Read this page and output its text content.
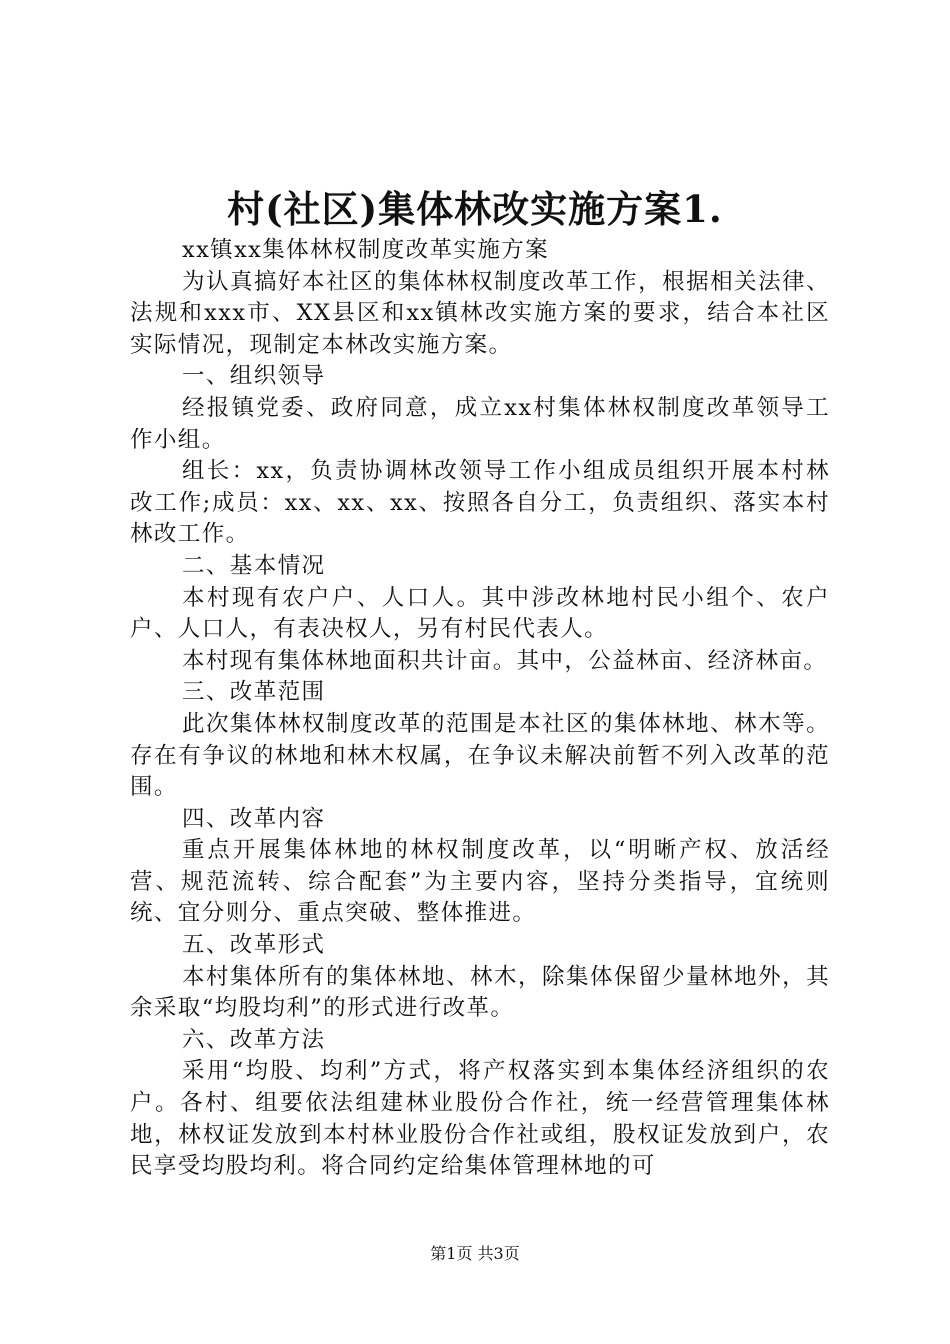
村(社区)集体林改实施方案1.

xx镇xx集体林权制度改革实施方案

为认真搞好本社区的集体林权制度改革工作，根据相关法律、法规和xxx市、XX县区和xx镇林改实施方案的要求，结合本社区实际情况，现制定本林改实施方案。

一、组织领导

经报镇党委、政府同意，成立xx村集体林权制度改革领导工作小组。

组长：xx，负责协调林改领导工作小组成员组织开展本村林改工作;成员：xx、xx、xx、按照各自分工，负责组织、落实本村林改工作。

二、基本情况

本村现有农户户、人口人。其中涉改林地村民小组个、农户户、人口人，有表决权人，另有村民代表人。

本村现有集体林地面积共计亩。其中，公益林亩、经济林亩。

三、改革范围

此次集体林权制度改革的范围是本社区的集体林地、林木等。存在有争议的林地和林木权属，在争议未解决前暂不列入改革的范围。

四、改革内容

重点开展集体林地的林权制度改革，以“明晰产权、放活经营、规范流转、综合配套”为主要内容，坚持分类指导，宜统则统、宜分则分、重点突破、整体推进。

五、改革形式

本村集体所有的集体林地、林木，除集体保留少量林地外，其余采取“均股均利”的形式进行改革。

六、改革方法

采用“均股、均利”方式，将产权落实到本集体经济组织的农户。各村、组要依法组建林业股份合作社，统一经营管理集体林地，林权证发放到本村林业股份合作社或组，股权证发放到户，农民享受均股均利。将合同约定给集体管理林地的可

第1页 共3页
